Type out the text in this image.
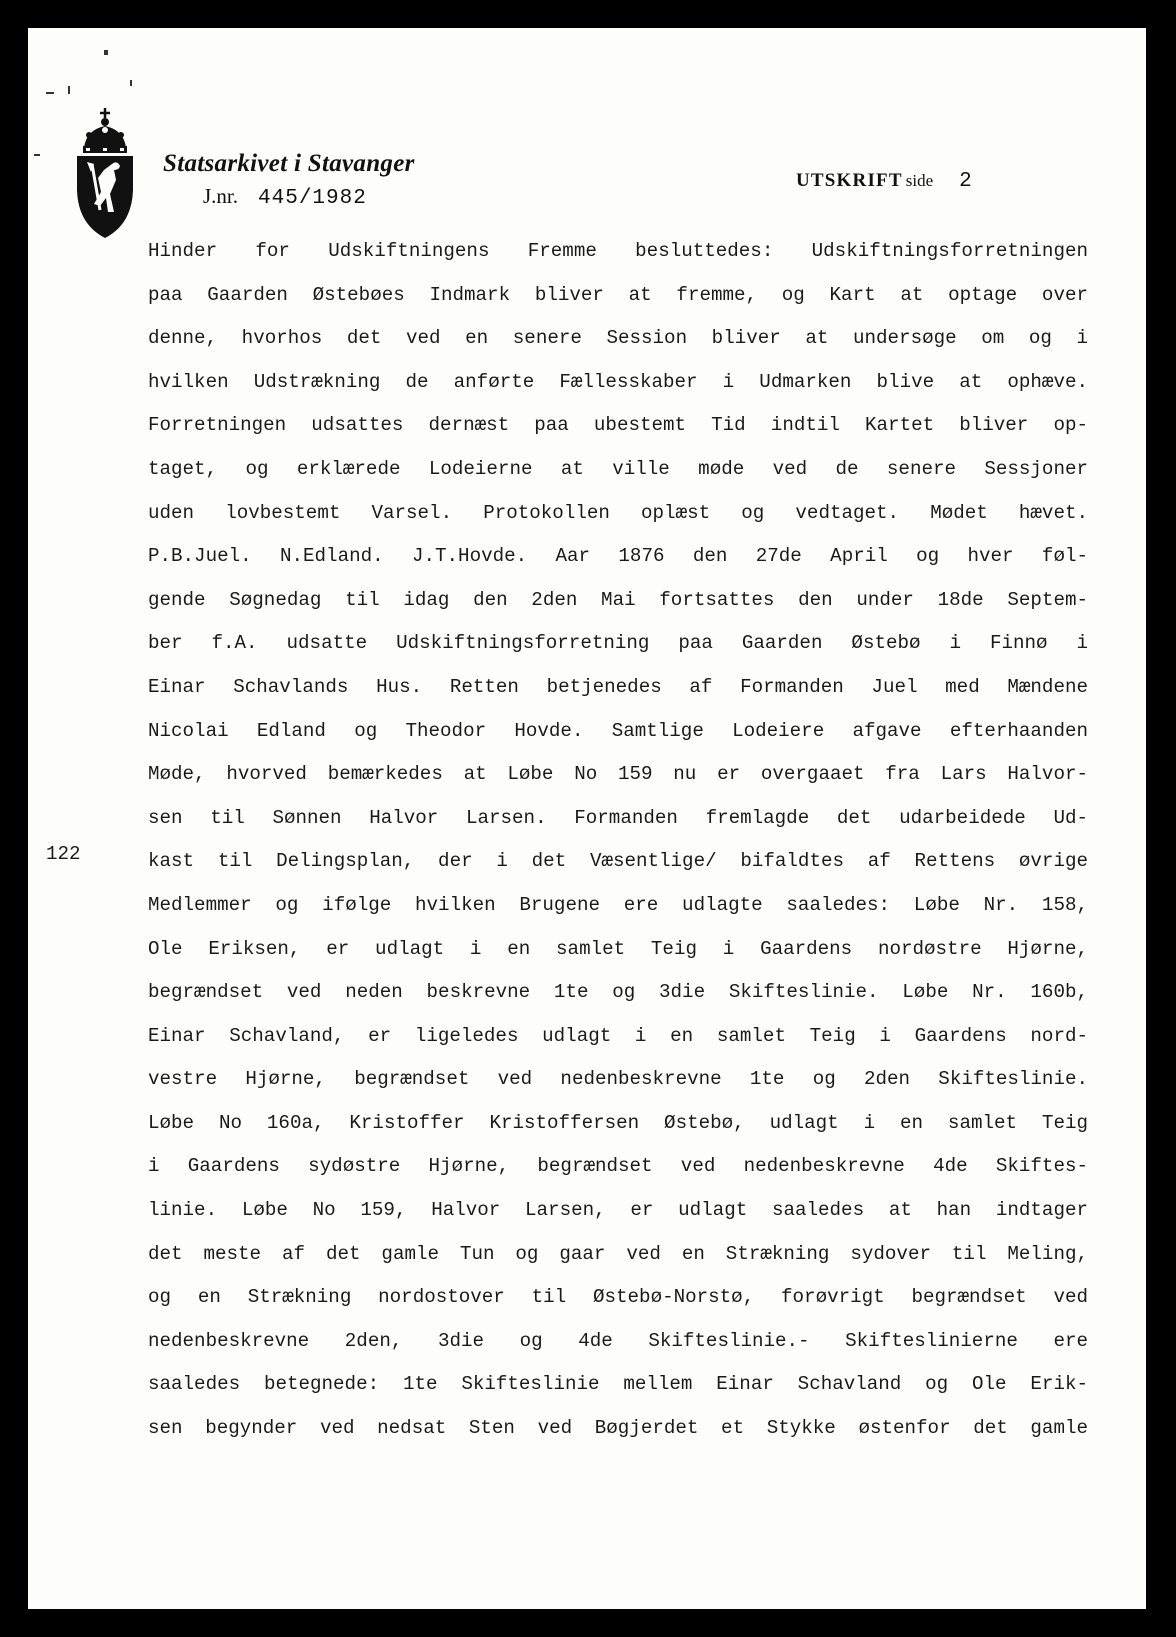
Statsarkivet i Stavanger
J.nr. 445/1982
UTSKRIFT side 2
122
Hinder for Udskiftningens Fremme besluttedes: Udskiftningsforretningen
paa Gaarden Østebøes Indmark bliver at fremme, og Kart at optage over
denne, hvorhos det ved en senere Session bliver at undersøge om og i
hvilken Udstrækning de anførte Fællesskaber i Udmarken blive at ophæve.
Forretningen udsattes dernæst paa ubestemt Tid indtil Kartet bliver op-
taget, og erklærede Lodeierne at ville møde ved de senere Sessjoner
uden lovbestemt Varsel. Protokollen oplæst og vedtaget. Mødet hævet.
P.B.Juel. N.Edland. J.T.Hovde. Aar 1876 den 27de April og hver føl-
gende Søgnedag til idag den 2den Mai fortsattes den under 18de Septem-
ber f.A. udsatte Udskiftningsforretning paa Gaarden Østebø i Finnø i
Einar Schavlands Hus. Retten betjenedes af Formanden Juel med Mændene
Nicolai Edland og Theodor Hovde. Samtlige Lodeiere afgave efterhaanden
Møde, hvorved bemærkedes at Løbe No 159 nu er overgaaet fra Lars Halvor-
sen til Sønnen Halvor Larsen. Formanden fremlagde det udarbeidede Ud-
kast til Delingsplan, der i det Væsentlige/ bifaldtes af Rettens øvrige
Medlemmer og ifølge hvilken Brugene ere udlagte saaledes: Løbe Nr. 158,
Ole Eriksen, er udlagt i en samlet Teig i Gaardens nordøstre Hjørne,
begrændset ved neden beskrevne 1te og 3die Skifteslinie. Løbe Nr. 160b,
Einar Schavland, er ligeledes udlagt i en samlet Teig i Gaardens nord-
vestre Hjørne, begrændset ved nedenbeskrevne 1te og 2den Skifteslinie.
Løbe No 160a, Kristoffer Kristoffersen Østebø, udlagt i en samlet Teig
i Gaardens sydøstre Hjørne, begrændset ved nedenbeskrevne 4de Skiftes-
linie. Løbe No 159, Halvor Larsen, er udlagt saaledes at han indtager
det meste af det gamle Tun og gaar ved en Strækning sydover til Meling,
og en Strækning nordostover til Østebø-Norstø, forøvrigt begrændset ved
nedenbeskrevne 2den, 3die og 4de Skifteslinie.- Skifteslinierne ere
saaledes betegnede: 1te Skifteslinie mellem Einar Schavland og Ole Erik-
sen begynder ved nedsat Sten ved Bøgjerdet et Stykke østenfor det gamle
